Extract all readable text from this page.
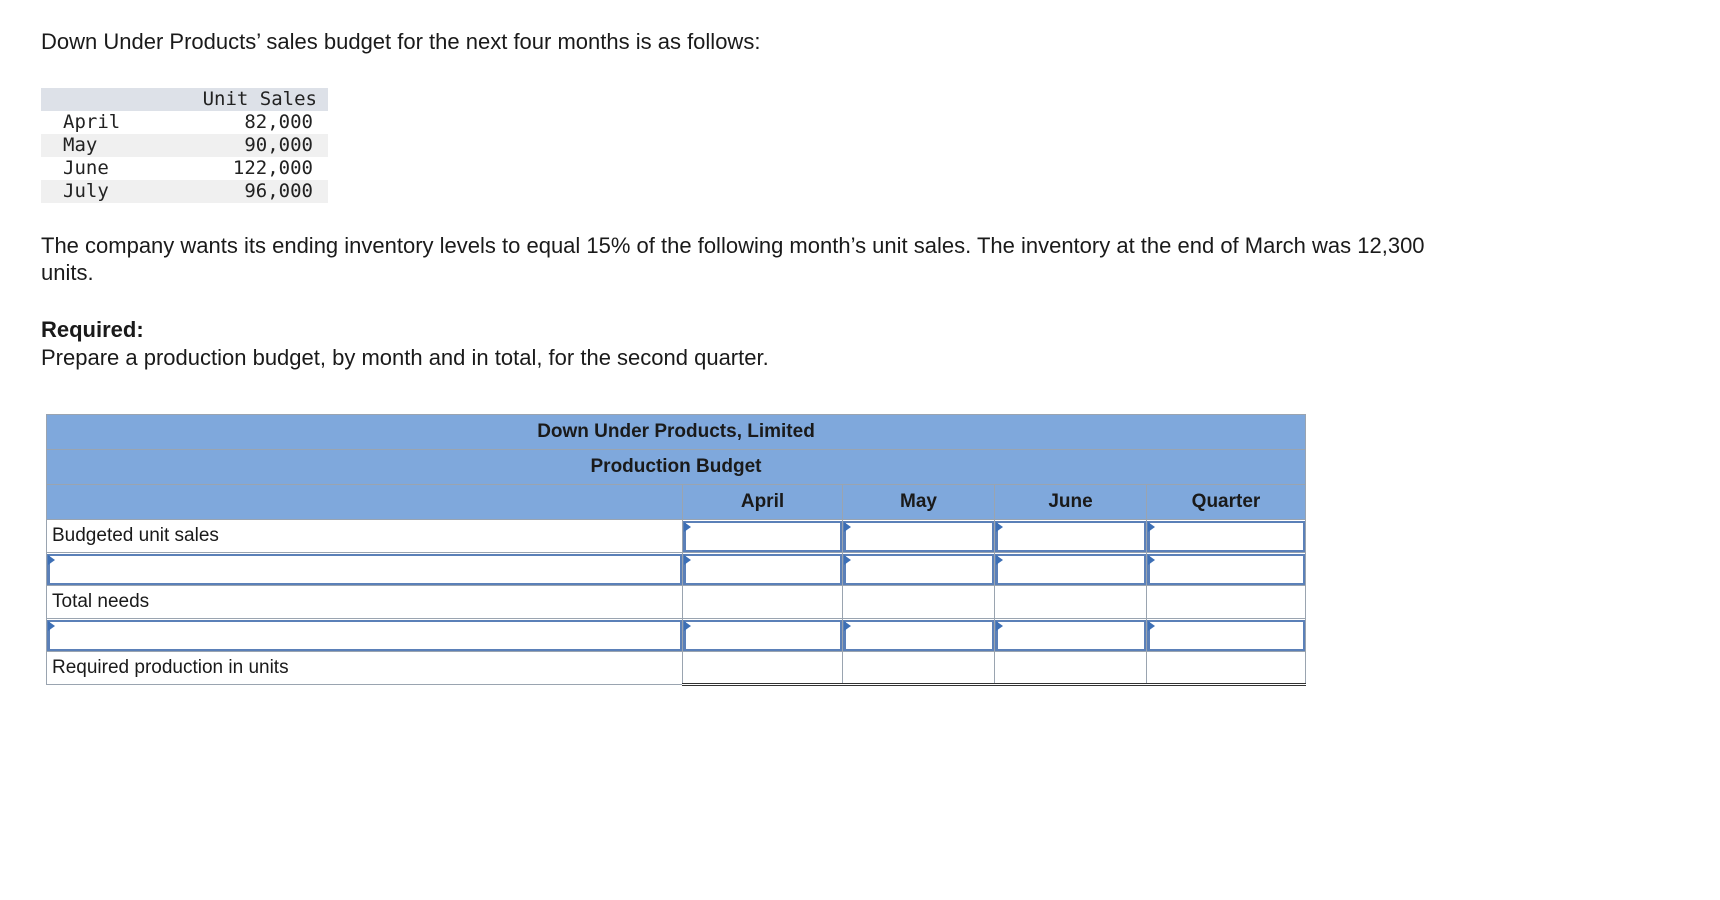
Down Under Products’ sales budget for the next four months is as follows:

	Unit Sales
April	82,000
May	90,000
June	122,000
July	96,000

The company wants its ending inventory levels to equal 15% of the following month’s unit sales. The inventory at the end of March was 12,300 units.

Required:

Prepare a production budget, by month and in total, for the second quarter.

Down Under Products, Limited				
Production Budget				
	April	May	June	Quarter
Budgeted unit sales	

Total needs				

Required production in units				
